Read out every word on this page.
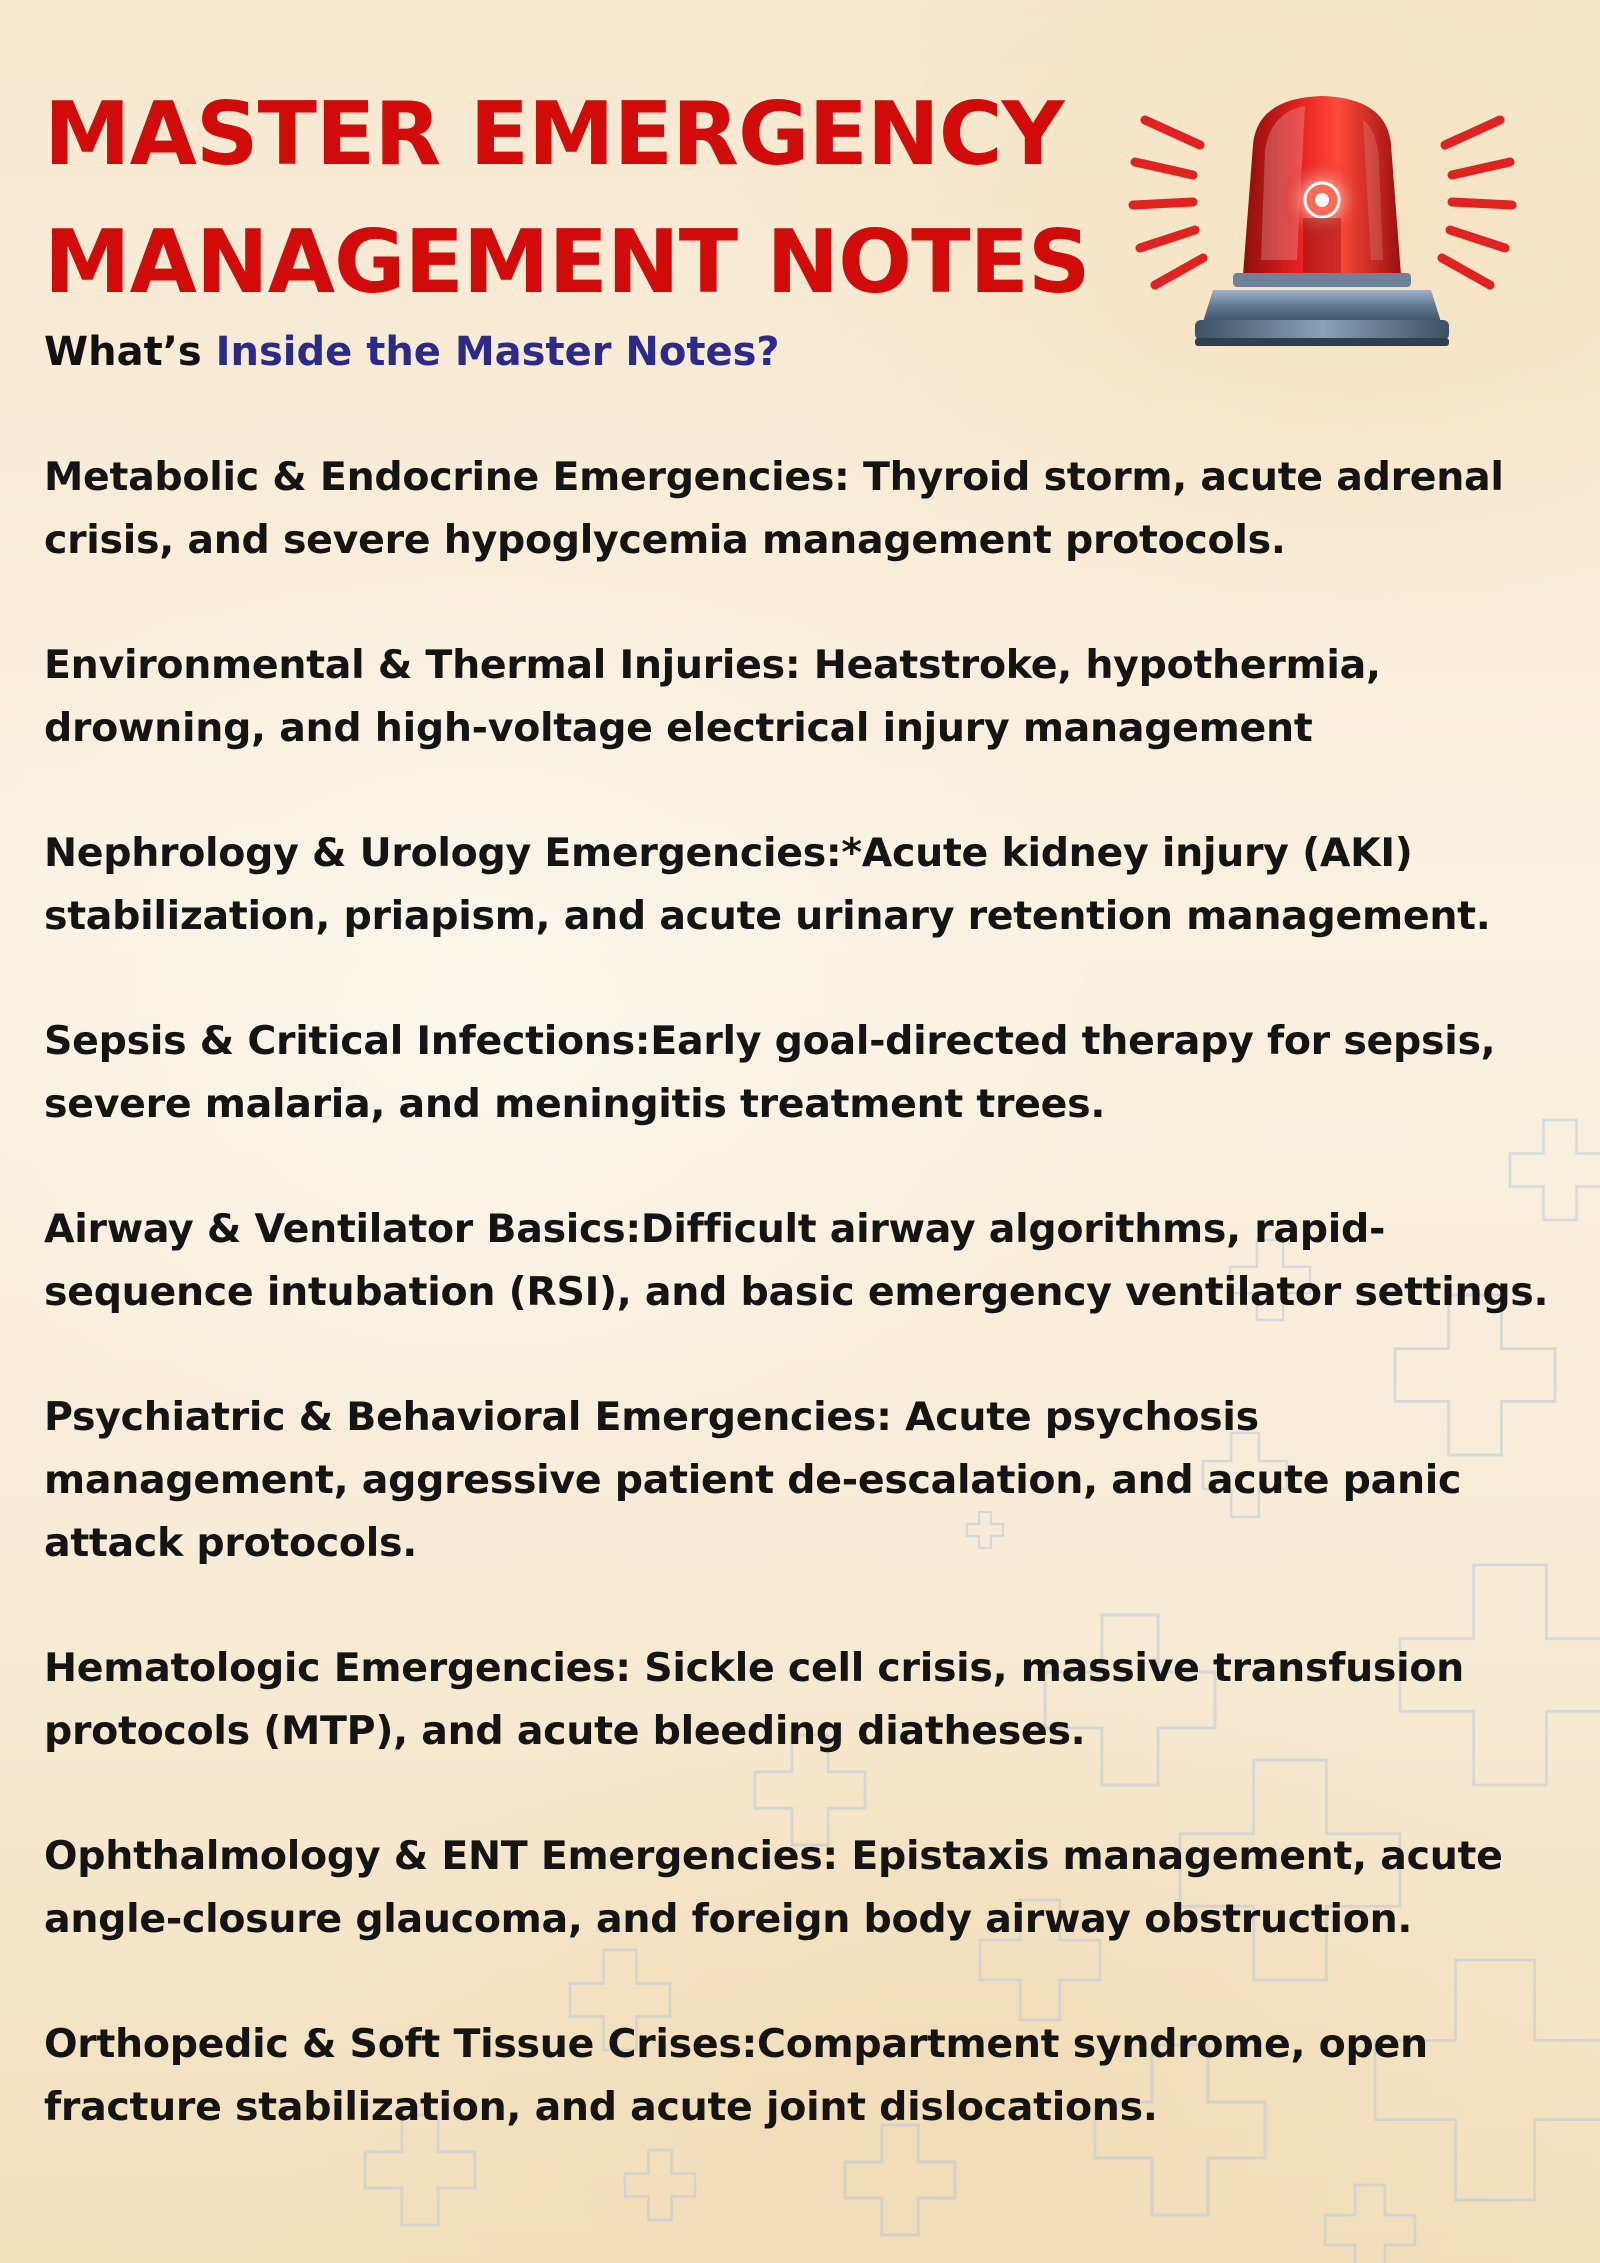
MASTER EMERGENCY
MANAGEMENT NOTES
What’s Inside the Master Notes?

Metabolic & Endocrine Emergencies: Thyroid storm, acute adrenal crisis, and severe hypoglycemia management protocols.

Environmental & Thermal Injuries: Heatstroke, hypothermia, drowning, and high-voltage electrical injury management

Nephrology & Urology Emergencies:*Acute kidney injury (AKI) stabilization, priapism, and acute urinary retention management.

Sepsis & Critical Infections:Early goal-directed therapy for sepsis, severe malaria, and meningitis treatment trees.

Airway & Ventilator Basics:Difficult airway algorithms, rapid-sequence intubation (RSI), and basic emergency ventilator settings.

Psychiatric & Behavioral Emergencies: Acute psychosis management, aggressive patient de-escalation, and acute panic attack protocols.

Hematologic Emergencies: Sickle cell crisis, massive transfusion protocols (MTP), and acute bleeding diatheses.

Ophthalmology & ENT Emergencies: Epistaxis management, acute angle-closure glaucoma, and foreign body airway obstruction.

Orthopedic & Soft Tissue Crises:Compartment syndrome, open fracture stabilization, and acute joint dislocations.
